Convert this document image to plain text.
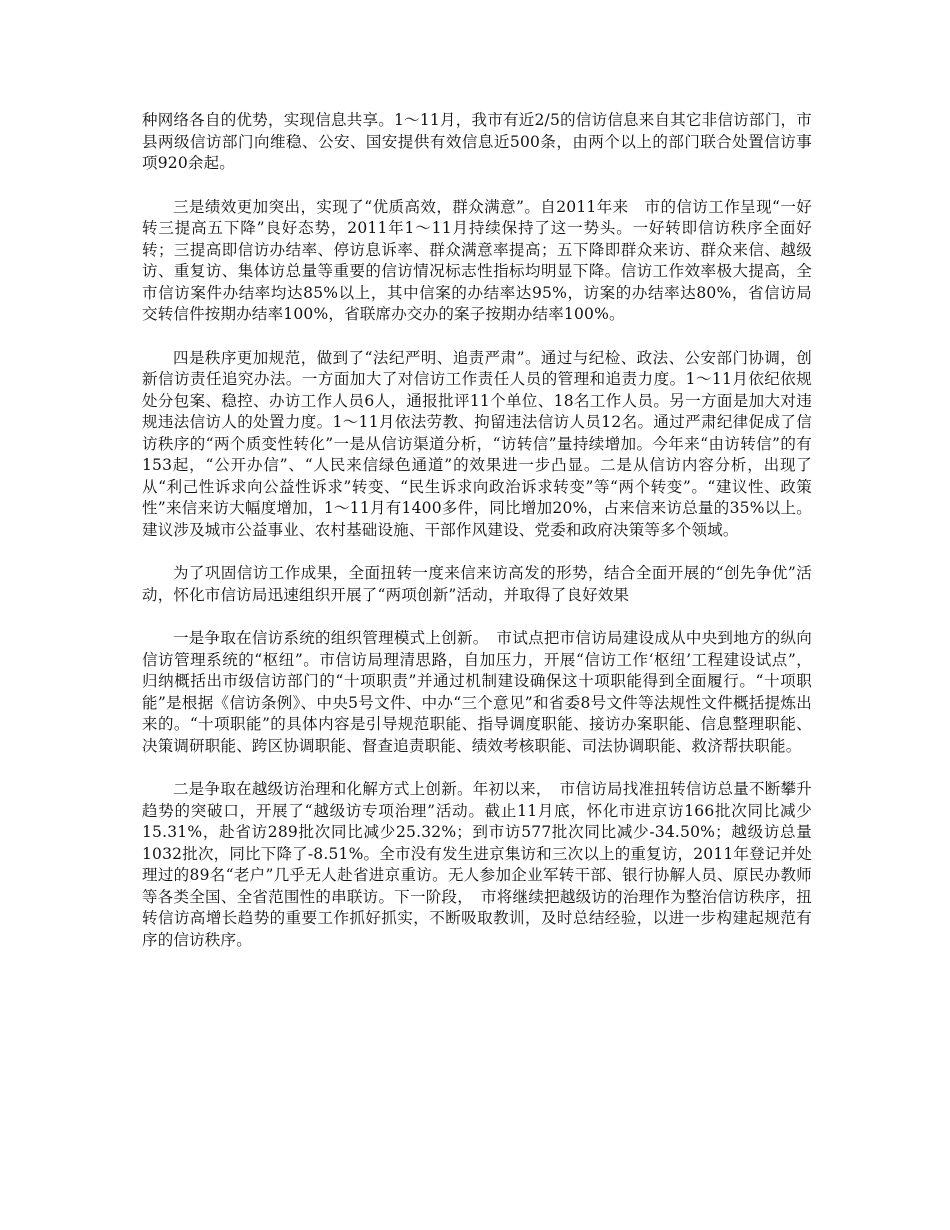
种网络各自的优势，实现信息共享。1～11月，我市有近2/5的信访信息来自其它非信访部门，市县两级信访部门向维稳、公安、国安提供有效信息近500条，由两个以上的部门联合处置信访事项920余起。

三是绩效更加突出，实现了“优质高效，群众满意”。自2011年来　市的信访工作呈现“一好转三提高五下降”良好态势，2011年1～11月持续保持了这一势头。一好转即信访秩序全面好转；三提高即信访办结率、停访息诉率、群众满意率提高；五下降即群众来访、群众来信、越级访、重复访、集体访总量等重要的信访情况标志性指标均明显下降。信访工作效率极大提高，全市信访案件办结率均达85%以上，其中信案的办结率达95%，访案的办结率达80%，省信访局交转信件按期办结率100%，省联席办交办的案子按期办结率100%。

四是秩序更加规范，做到了“法纪严明、追责严肃”。通过与纪检、政法、公安部门协调，创新信访责任追究办法。一方面加大了对信访工作责任人员的管理和追责力度。1～11月依纪依规处分包案、稳控、办访工作人员6人，通报批评11个单位、18名工作人员。另一方面是加大对违规违法信访人的处置力度。1～11月依法劳教、拘留违法信访人员12名。通过严肃纪律促成了信访秩序的“两个质变性转化”一是从信访渠道分析，“访转信”量持续增加。今年来“由访转信”的有153起，“公开办信”、“人民来信绿色通道”的效果进一步凸显。二是从信访内容分析，出现了从“利己性诉求向公益性诉求”转变、“民生诉求向政治诉求转变”等“两个转变”。“建议性、政策性”来信来访大幅度增加，1～11月有1400多件，同比增加20%，占来信来访总量的35%以上。建议涉及城市公益事业、农村基础设施、干部作风建设、党委和政府决策等多个领域。

为了巩固信访工作成果，全面扭转一度来信来访高发的形势，结合全面开展的“创先争优”活动，怀化市信访局迅速组织开展了“两项创新”活动，并取得了良好效果

一是争取在信访系统的组织管理模式上创新。　市试点把市信访局建设成从中央到地方的纵向信访管理系统的“枢纽”。市信访局理清思路，自加压力，开展“信访工作‘枢纽’工程建设试点”，归纳概括出市级信访部门的“十项职责”并通过机制建设确保这十项职能得到全面履行。“十项职能”是根据《信访条例》、中央5号文件、中办“三个意见”和省委8号文件等法规性文件概括提炼出来的。“十项职能”的具体内容是引导规范职能、指导调度职能、接访办案职能、信息整理职能、决策调研职能、跨区协调职能、督查追责职能、绩效考核职能、司法协调职能、救济帮扶职能。

二是争取在越级访治理和化解方式上创新。年初以来，　市信访局找准扭转信访总量不断攀升趋势的突破口，开展了“越级访专项治理”活动。截止11月底，怀化市进京访166批次同比减少15.31%，赴省访289批次同比减少25.32%；到市访577批次同比减少-34.50%；越级访总量1032批次，同比下降了-8.51%。全市没有发生进京集访和三次以上的重复访，2011年登记并处理过的89名“老户”几乎无人赴省进京重访。无人参加企业军转干部、银行协解人员、原民办教师等各类全国、全省范围性的串联访。下一阶段，　市将继续把越级访的治理作为整治信访秩序，扭转信访高增长趋势的重要工作抓好抓实，不断吸取教训，及时总结经验，以进一步构建起规范有序的信访秩序。
